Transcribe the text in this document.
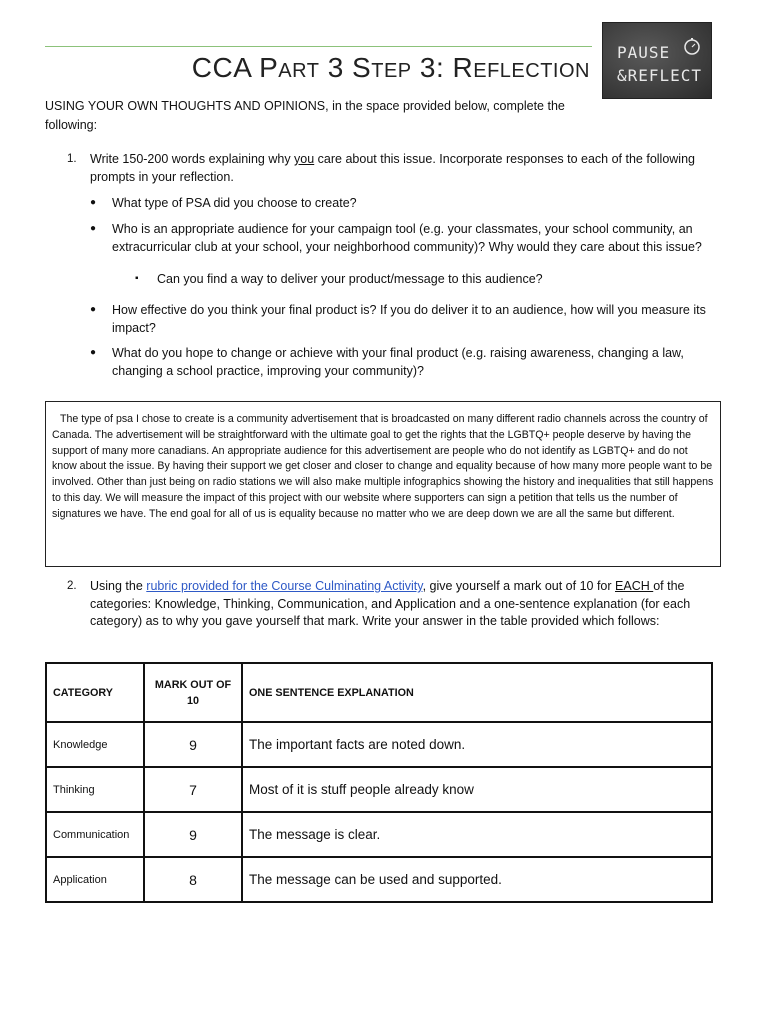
CCA Part 3 Step 3: Reflection PAUSE
&REFLECT

USING YOUR OWN THOUGHTS AND OPINIONS, in the space provided below, complete the following:

1. Write 150-200 words explaining why you care about this issue. Incorporate responses to each of the following prompts in your reflection.

● What type of PSA did you choose to create?

● Who is an appropriate audience for your campaign tool (e.g. your classmates, your school community, an extracurricular club at your school, your neighborhood community)? Why would they care about this issue?

▪ Can you find a way to deliver your product/message to this audience?

● How effective do you think your final product is? If you do deliver it to an audience, how will you measure its impact?

● What do you hope to change or achieve with your final product (e.g. raising awareness, changing a law, changing a school practice, improving your community)?

The type of psa I chose to create is a community advertisement that is broadcasted on many different radio channels across the country of Canada. The advertisement will be straightforward with the ultimate goal to get the rights that the LGBTQ+ people deserve by having the support of many more canadians. An appropriate audience for this advertisement are people who do not identify as LGBTQ+ and do not know about the issue. By having their support we get closer and closer to change and equality because of how many more people want to be involved. Other than just being on radio stations we will also make multiple infographics showing the history and inequalities that still happens to this day. We will measure the impact of this project with our website where supporters can sign a petition that tells us the number of signatures we have. The end goal for all of us is equality because no matter who we are deep down we are all the same but different.

2. Using the rubric provided for the Course Culminating Activity, give yourself a mark out of 10 for EACH of the categories: Knowledge, Thinking, Communication, and Application and a one-sentence explanation (for each category) as to why you gave yourself that mark. Write your answer in the table provided which follows:

CATEGORY	MARK OUT OF 10	ONE SENTENCE EXPLANATION
Knowledge	9	The important facts are noted down.
Thinking	7	Most of it is stuff people already know
Communication	9	The message is clear.
Application	8	The message can be used and supported.
